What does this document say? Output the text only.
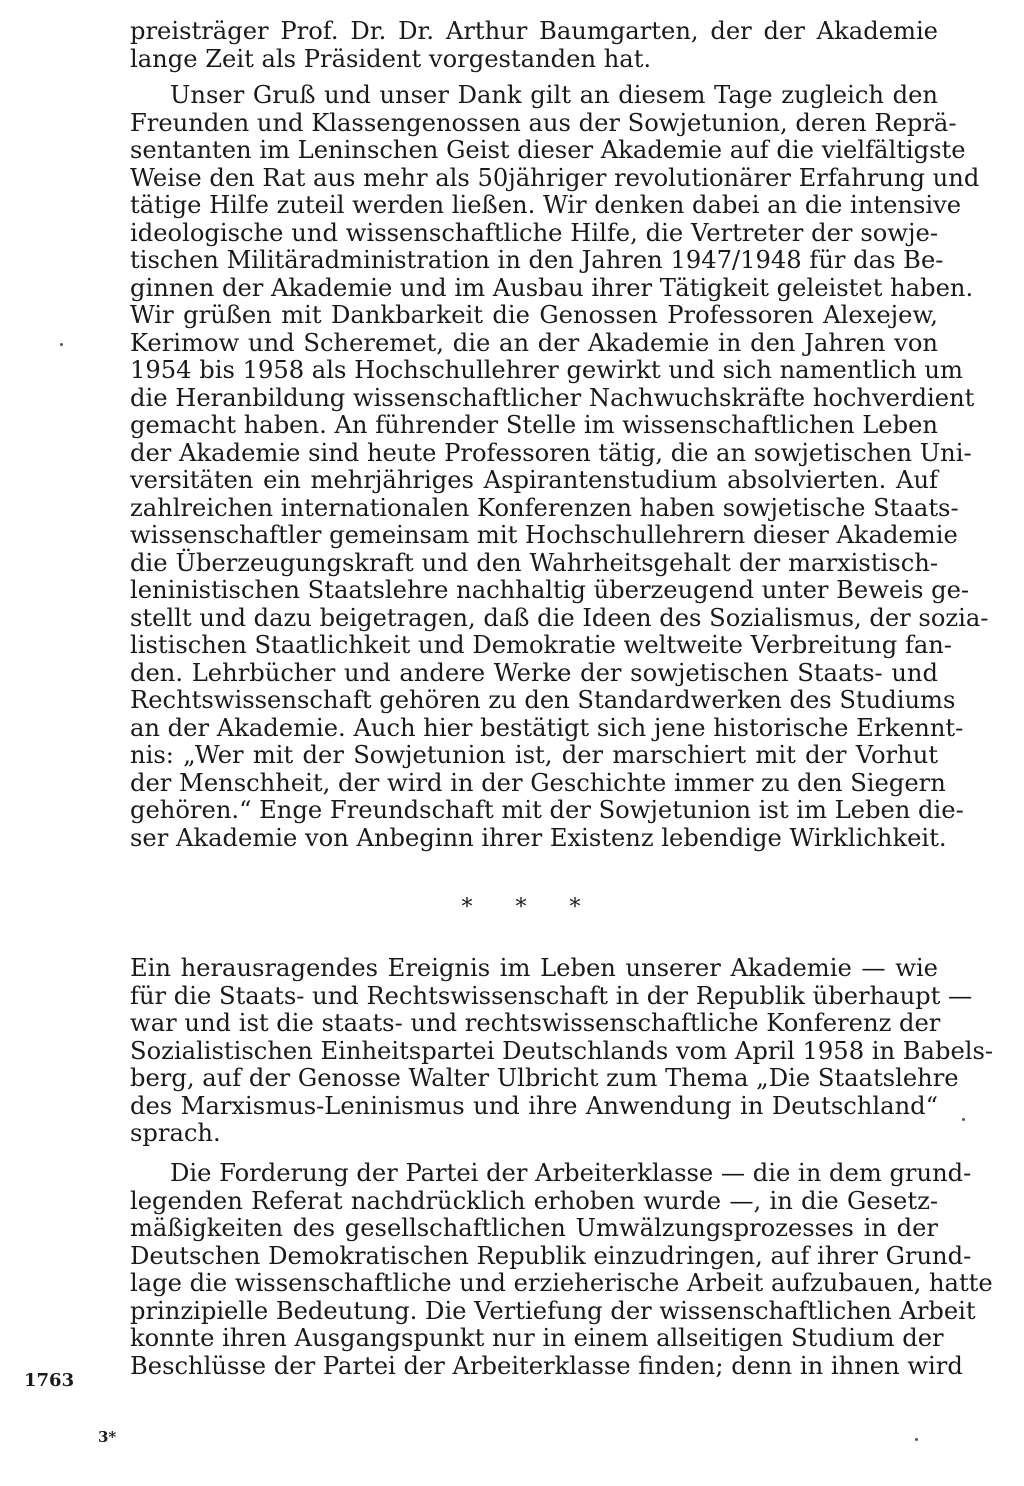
preisträger Prof. Dr. Dr. Arthur Baumgarten, der der Akademie
lange Zeit als Präsident vorgestanden hat.
Unser Gruß und unser Dank gilt an diesem Tage zugleich den
Freunden und Klassengenossen aus der Sowjetunion, deren Reprä-
sentanten im Leninschen Geist dieser Akademie auf die vielfältigste
Weise den Rat aus mehr als 50jähriger revolutionärer Erfahrung und
tätige Hilfe zuteil werden ließen. Wir denken dabei an die intensive
ideologische und wissenschaftliche Hilfe, die Vertreter der sowje-
tischen Militäradministration in den Jahren 1947/1948 für das Be-
ginnen der Akademie und im Ausbau ihrer Tätigkeit geleistet haben.
Wir grüßen mit Dankbarkeit die Genossen Professoren Alexejew,
Kerimow und Scheremet, die an der Akademie in den Jahren von
1954 bis 1958 als Hochschullehrer gewirkt und sich namentlich um
die Heranbildung wissenschaftlicher Nachwuchskräfte hochverdient
gemacht haben. An führender Stelle im wissenschaftlichen Leben
der Akademie sind heute Professoren tätig, die an sowjetischen Uni-
versitäten ein mehrjähriges Aspirantenstudium absolvierten. Auf
zahlreichen internationalen Konferenzen haben sowjetische Staats-
wissenschaftler gemeinsam mit Hochschullehrern dieser Akademie
die Überzeugungskraft und den Wahrheitsgehalt der marxistisch-
leninistischen Staatslehre nachhaltig überzeugend unter Beweis ge-
stellt und dazu beigetragen, daß die Ideen des Sozialismus, der sozia-
listischen Staatlichkeit und Demokratie weltweite Verbreitung fan-
den. Lehrbücher und andere Werke der sowjetischen Staats- und
Rechtswissenschaft gehören zu den Standardwerken des Studiums
an der Akademie. Auch hier bestätigt sich jene historische Erkennt-
nis: „Wer mit der Sowjetunion ist, der marschiert mit der Vorhut
der Menschheit, der wird in der Geschichte immer zu den Siegern
gehören.“ Enge Freundschaft mit der Sowjetunion ist im Leben die-
ser Akademie von Anbeginn ihrer Existenz lebendige Wirklichkeit.
* * *
Ein herausragendes Ereignis im Leben unserer Akademie — wie
für die Staats- und Rechtswissenschaft in der Republik überhaupt —
war und ist die staats- und rechtswissenschaftliche Konferenz der
Sozialistischen Einheitspartei Deutschlands vom April 1958 in Babels-
berg, auf der Genosse Walter Ulbricht zum Thema „Die Staatslehre
des Marxismus-Leninismus und ihre Anwendung in Deutschland“
sprach.
Die Forderung der Partei der Arbeiterklasse — die in dem grund-
legenden Referat nachdrücklich erhoben wurde —, in die Gesetz-
mäßigkeiten des gesellschaftlichen Umwälzungsprozesses in der
Deutschen Demokratischen Republik einzudringen, auf ihrer Grund-
lage die wissenschaftliche und erzieherische Arbeit aufzubauen, hatte
prinzipielle Bedeutung. Die Vertiefung der wissenschaftlichen Arbeit
konnte ihren Ausgangspunkt nur in einem allseitigen Studium der
Beschlüsse der Partei der Arbeiterklasse finden; denn in ihnen wird
1763
3*
